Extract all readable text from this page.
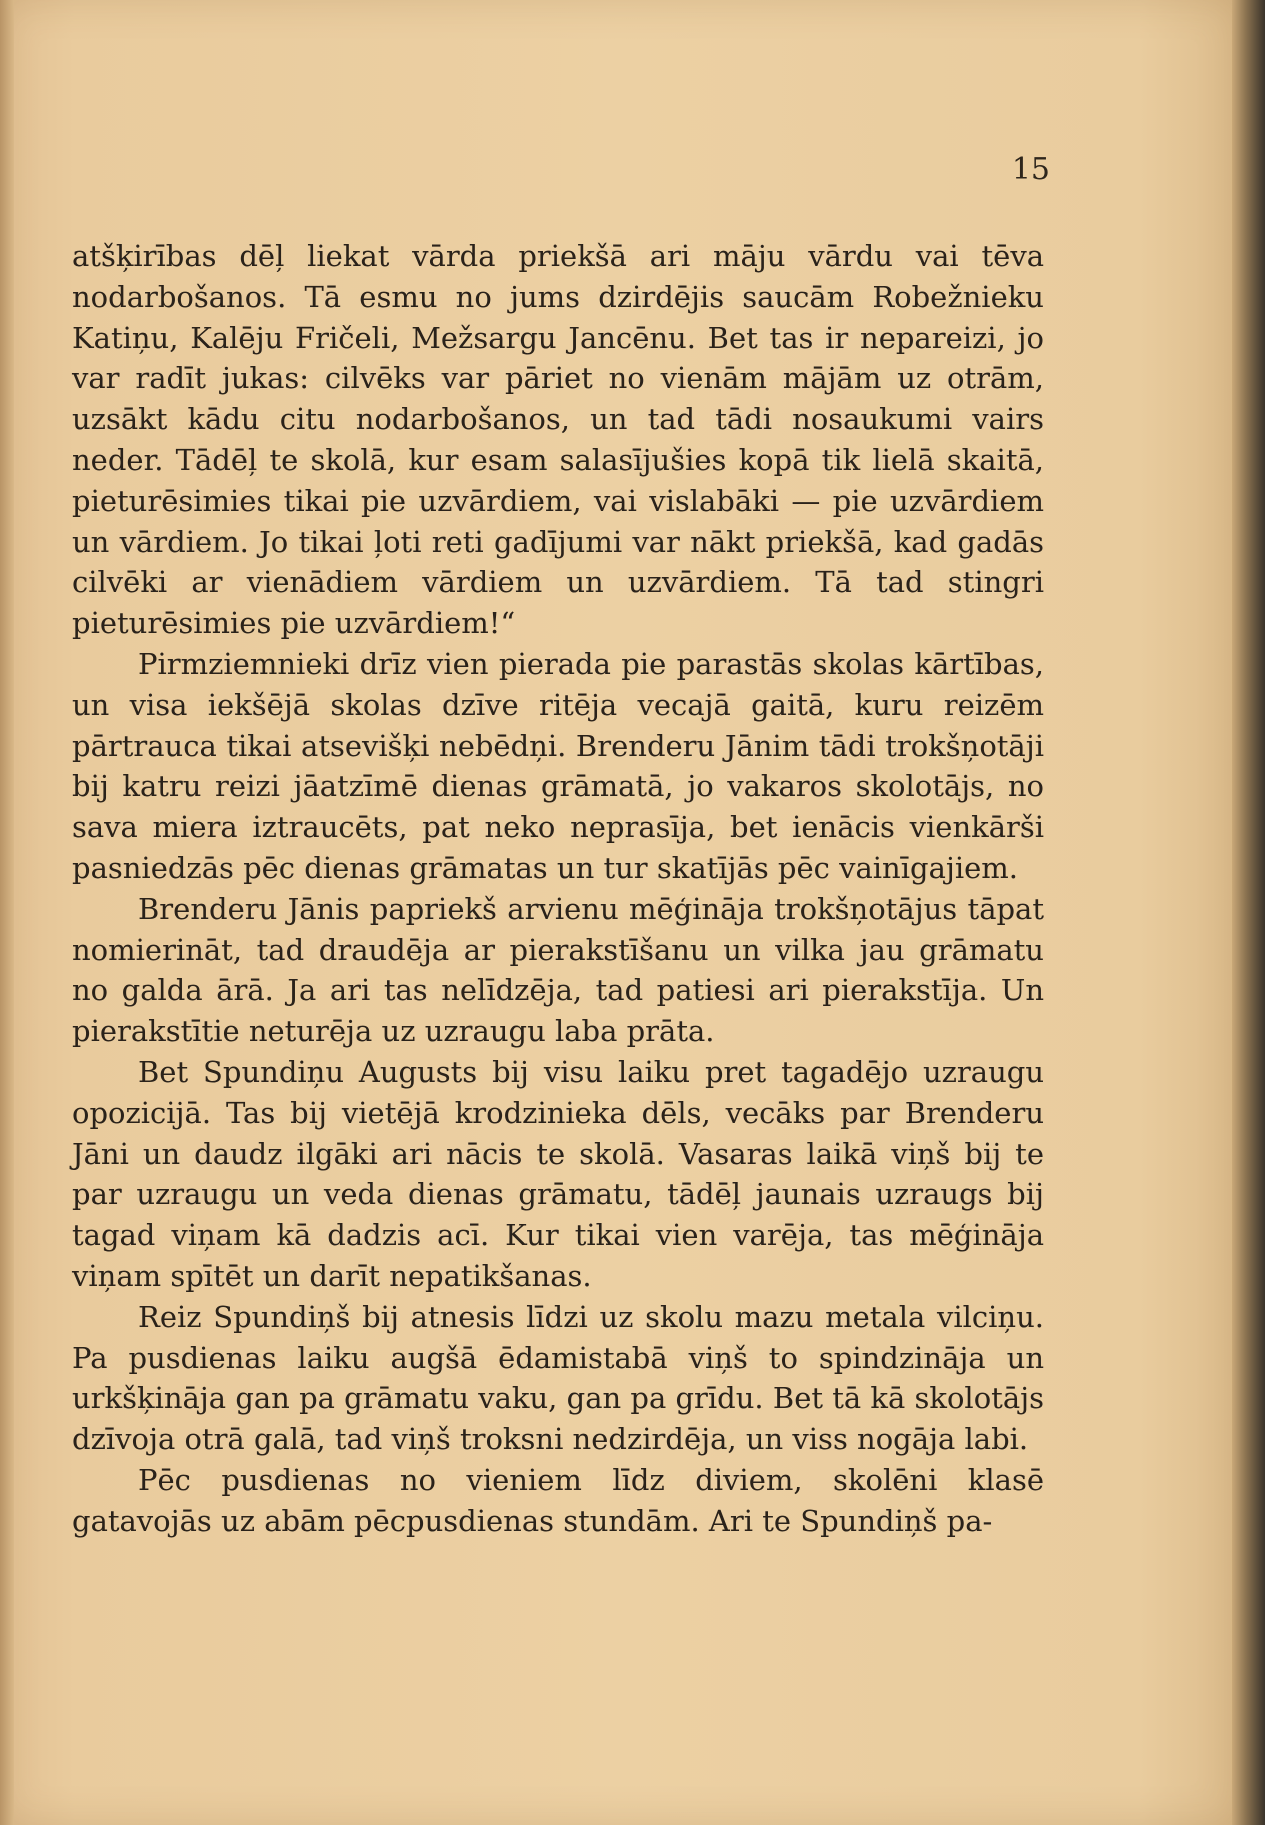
15

atšķirības dēļ liekat vārda priekšā ari māju vārdu vai tēva nodarbošanos. Tā esmu no jums dzirdējis saucām Robežnieku Katiņu, Kalēju Fričeli, Mežsargu Jancēnu. Bet tas ir nepareizi, jo var radīt jukas: cilvēks var pāriet no vienām mājām uz otrām, uzsākt kādu citu nodarbošanos, un tad tādi nosaukumi vairs neder. Tādēļ te skolā, kur esam salasījušies kopā tik lielā skaitā, pieturēsimies tikai pie uzvārdiem, vai vislabāki — pie uzvārdiem un vārdiem. Jo tikai ļoti reti gadījumi var nākt priekšā, kad gadās cilvēki ar vienādiem vārdiem un uzvārdiem. Tā tad stingri pieturēsimies pie uzvārdiem!“

Pirmziemnieki drīz vien pierada pie parastās skolas kārtības, un visa iekšējā skolas dzīve ritēja vecajā gaitā, kuru reizēm pārtrauca tikai atsevišķi nebēdņi. Brenderu Jānim tādi trokšņotāji bij katru reizi jāatzīmē dienas grāmatā, jo vakaros skolotājs, no sava miera iztraucēts, pat neko neprasīja, bet ienācis vienkārši pasniedzās pēc dienas grāmatas un tur skatījās pēc vainīgajiem.

Brenderu Jānis papriekš arvienu mēģināja trokšņotājus tāpat nomierināt, tad draudēja ar pierakstīšanu un vilka jau grāmatu no galda ārā. Ja ari tas nelīdzēja, tad patiesi ari pierakstīja. Un pierakstītie neturēja uz uzraugu laba prāta.

Bet Spundiņu Augusts bij visu laiku pret tagadējo uzraugu opozicijā. Tas bij vietējā krodzinieka dēls, vecāks par Brenderu Jāni un daudz ilgāki ari nācis te skolā. Vasaras laikā viņš bij te par uzraugu un veda dienas grāmatu, tādēļ jaunais uzraugs bij tagad viņam kā dadzis acī. Kur tikai vien varēja, tas mēģināja viņam spītēt un darīt nepatikšanas.

Reiz Spundiņš bij atnesis līdzi uz skolu mazu metala vilciņu. Pa pusdienas laiku augšā ēdamistabā viņš to spindzināja un urkšķināja gan pa grāmatu vaku, gan pa grīdu. Bet tā kā skolotājs dzīvoja otrā galā, tad viņš troksni nedzirdēja, un viss nogāja labi.

Pēc pusdienas no vieniem līdz diviem, skolēni klasē gatavojās uz abām pēcpusdienas stundām. Ari te Spundiņš pa-
